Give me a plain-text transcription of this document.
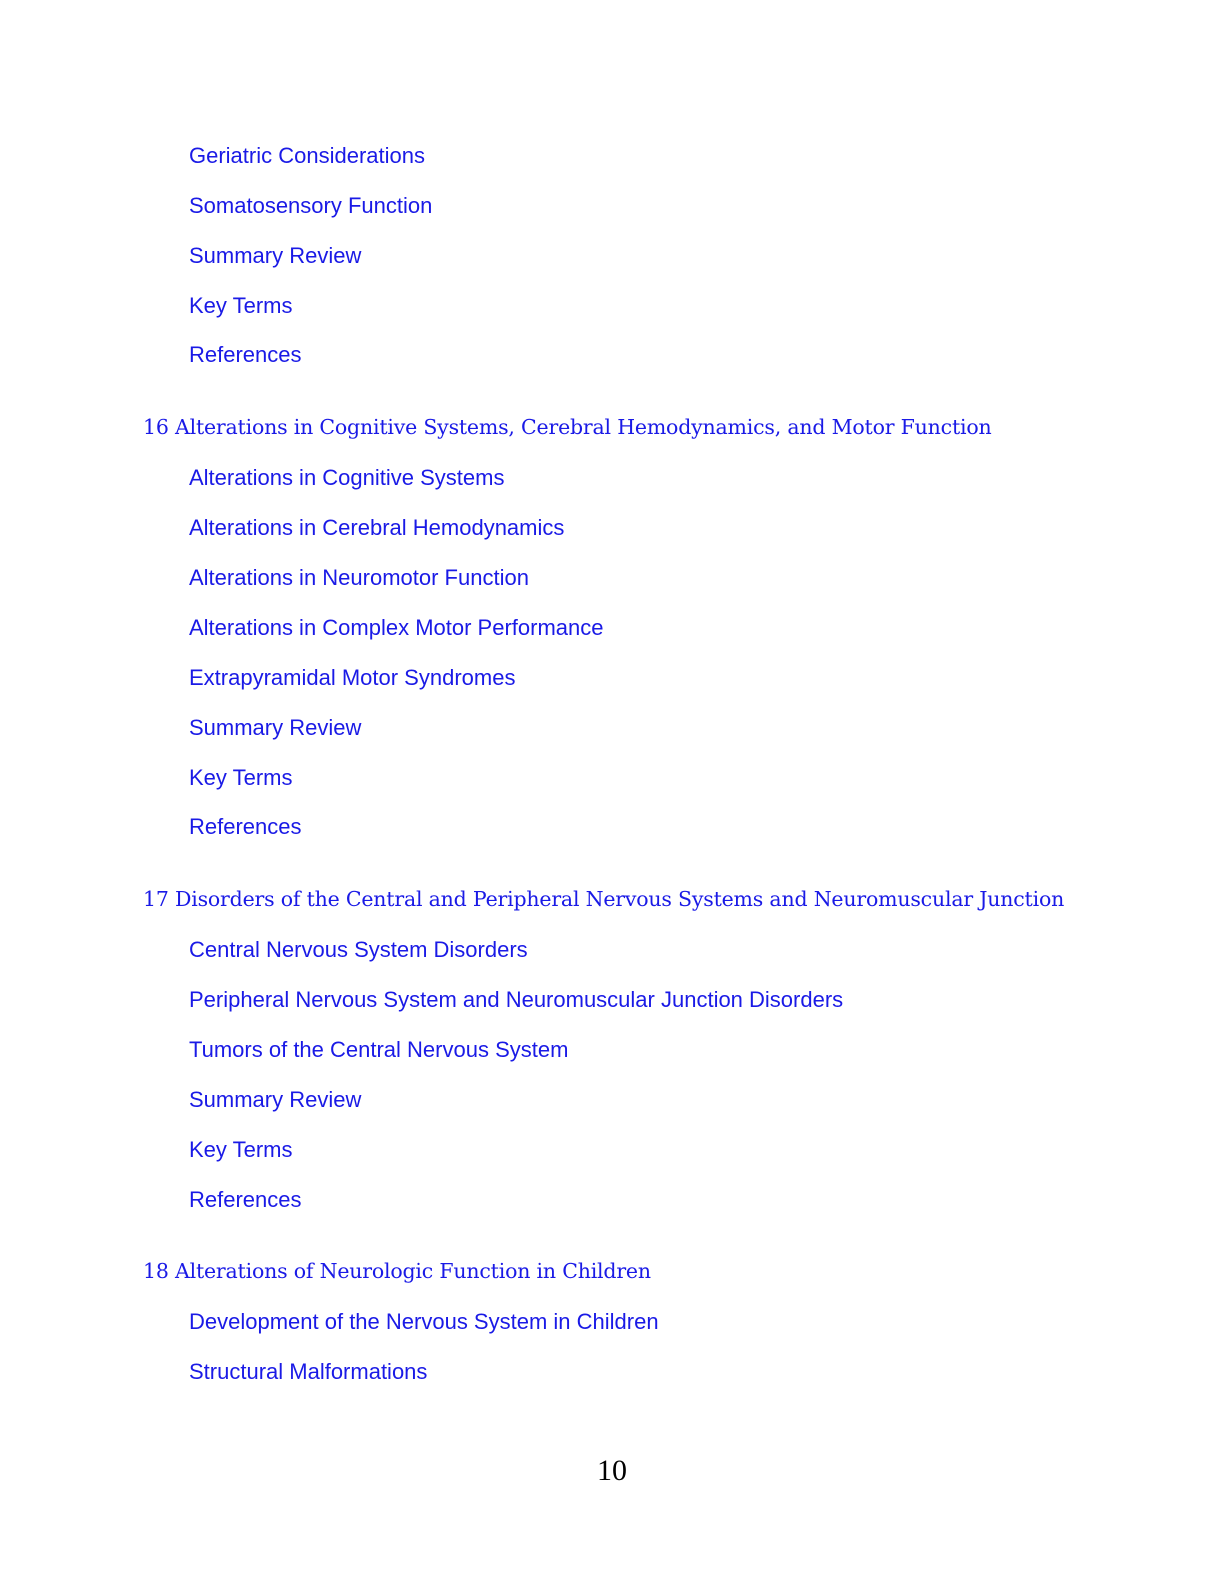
Geriatric Considerations
Somatosensory Function
Summary Review
Key Terms
References
16 Alterations in Cognitive Systems, Cerebral Hemodynamics, and Motor Function
Alterations in Cognitive Systems
Alterations in Cerebral Hemodynamics
Alterations in Neuromotor Function
Alterations in Complex Motor Performance
Extrapyramidal Motor Syndromes
Summary Review
Key Terms
References
17 Disorders of the Central and Peripheral Nervous Systems and Neuromuscular Junction
Central Nervous System Disorders
Peripheral Nervous System and Neuromuscular Junction Disorders
Tumors of the Central Nervous System
Summary Review
Key Terms
References
18 Alterations of Neurologic Function in Children
Development of the Nervous System in Children
Structural Malformations
10
